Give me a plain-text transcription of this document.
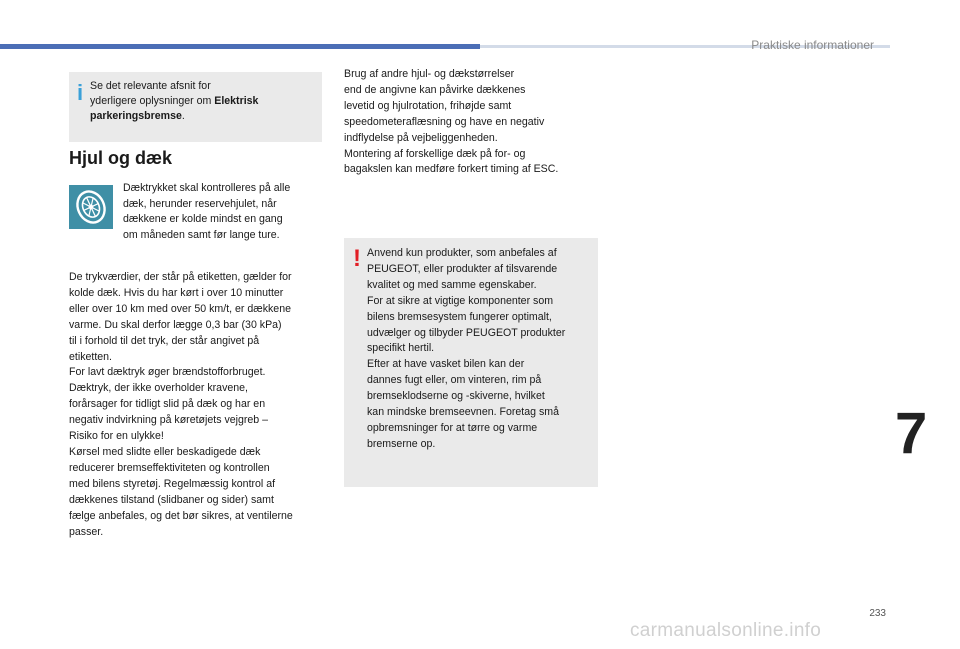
Praktiske informationer
i Se det relevante afsnit for
yderligere oplysninger om Elektrisk
parkeringsbremse.

Hjul og dæk

Dæktrykket skal kontrolleres på alle
dæk, herunder reservehjulet, når
dækkene er kolde mindst en gang
om måneden samt før lange ture.

De trykværdier, der står på etiketten, gælder for
kolde dæk. Hvis du har kørt i over 10 minutter
eller over 10 km med over 50 km/t, er dækkene
varme. Du skal derfor lægge 0,3 bar (30 kPa)
til i forhold til det tryk, der står angivet på
etiketten.
For lavt dæktryk øger brændstofforbruget.
Dæktryk, der ikke overholder kravene,
forårsager for tidligt slid på dæk og har en
negativ indvirkning på køretøjets vejgreb –
Risiko for en ulykke!
Kørsel med slidte eller beskadigede dæk
reducerer bremseffektiviteten og kontrollen
med bilens styretøj. Regelmæssig kontrol af
dækkenes tilstand (slidbaner og sider) samt
fælge anbefales, og det bør sikres, at ventilerne
passer.

Brug af andre hjul- og dækstørrelser
end de angivne kan påvirke dækkenes
levetid og hjulrotation, frihøjde samt
speedometeraflæsning og have en negativ
indflydelse på vejbeliggenheden.
Montering af forskellige dæk på for- og
bagakslen kan medføre forkert timing af ESC.

! Anvend kun produkter, som anbefales af
PEUGEOT, eller produkter af tilsvarende
kvalitet og med samme egenskaber.
For at sikre at vigtige komponenter som
bilens bremsesystem fungerer optimalt,
udvælger og tilbyder PEUGEOT produkter
specifikt hertil.
Efter at have vasket bilen kan der
dannes fugt eller, om vinteren, rim på
bremseklodserne og -skiverne, hvilket
kan mindske bremseevnen. Foretag små
opbremsninger for at tørre og varme
bremserne op.	7
233
carmanualsonline.info
